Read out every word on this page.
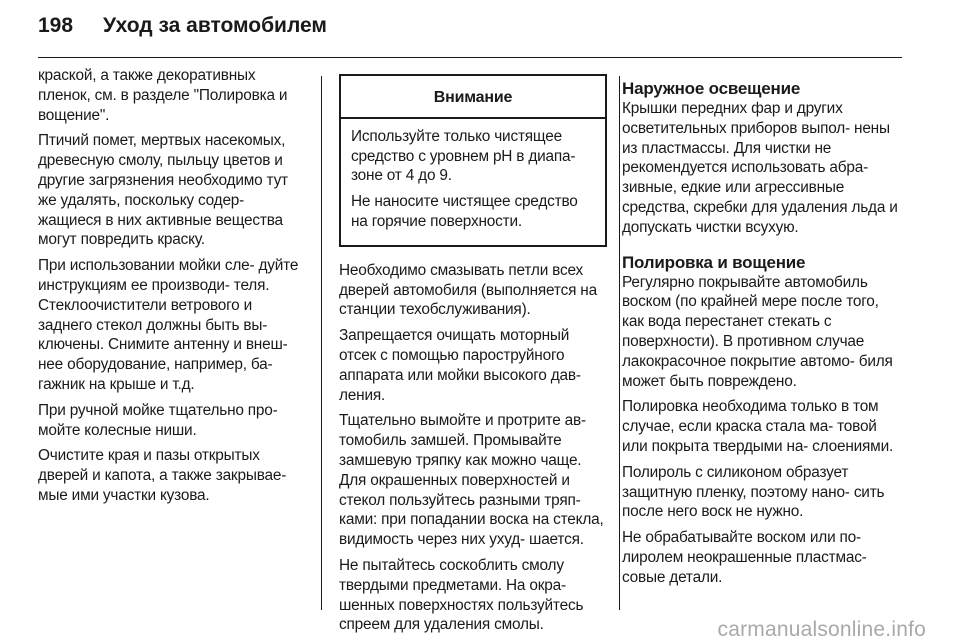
198 Уход за автомобилем

краской, а также декоративных пленок, см. в разделе "Полировка и вощение".

Птичий помет, мертвых насекомых, древесную смолу, пыльцу цветов и другие загрязнения необходимо тут же удалять, поскольку содер- жащиеся в них активные вещества могут повредить краску.

При использовании мойки сле- дуйте инструкциям ее производи- теля. Стеклоочистители ветрового и заднего стекол должны быть вы- ключены. Снимите антенну и внеш- нее оборудование, например, ба- гажник на крыше и т.д.

При ручной мойке тщательно про- мойте колесные ниши.

Очистите края и пазы открытых дверей и капота, а также закрывае- мые ими участки кузова.

Внимание

Используйте только чистящее средство с уровнем pH в диапа- зоне от 4 до 9.

Не наносите чистящее средство на горячие поверхности.

Необходимо смазывать петли всех дверей автомобиля (выполняется на станции техобслуживания).

Запрещается очищать моторный отсек с помощью пароструйного аппарата или мойки высокого дав- ления.

Тщательно вымойте и протрите ав- томобиль замшей. Промывайте замшевую тряпку как можно чаще. Для окрашенных поверхностей и стекол пользуйтесь разными тряп- ками: при попадании воска на стекла, видимость через них ухуд- шается.

Не пытайтесь соскоблить смолу твердыми предметами. На окра- шенных поверхностях пользуйтесь спреем для удаления смолы.

Наружное освещение

Крышки передних фар и других осветительных приборов выпол- нены из пластмассы. Для чистки не рекомендуется использовать абра- зивные, едкие или агрессивные средства, скребки для удаления льда и допускать чистки всухую.

Полировка и вощение

Регулярно покрывайте автомобиль воском (по крайней мере после того, как вода перестанет стекать с поверхности). В противном случае лакокрасочное покрытие автомо- биля может быть повреждено.

Полировка необходима только в том случае, если краска стала ма- товой или покрыта твердыми на- слоениями.

Полироль с силиконом образует защитную пленку, поэтому нано- сить после него воск не нужно.

Не обрабатывайте воском или по- лиролем неокрашенные пластмас- совые детали.

carmanualsonline.info
